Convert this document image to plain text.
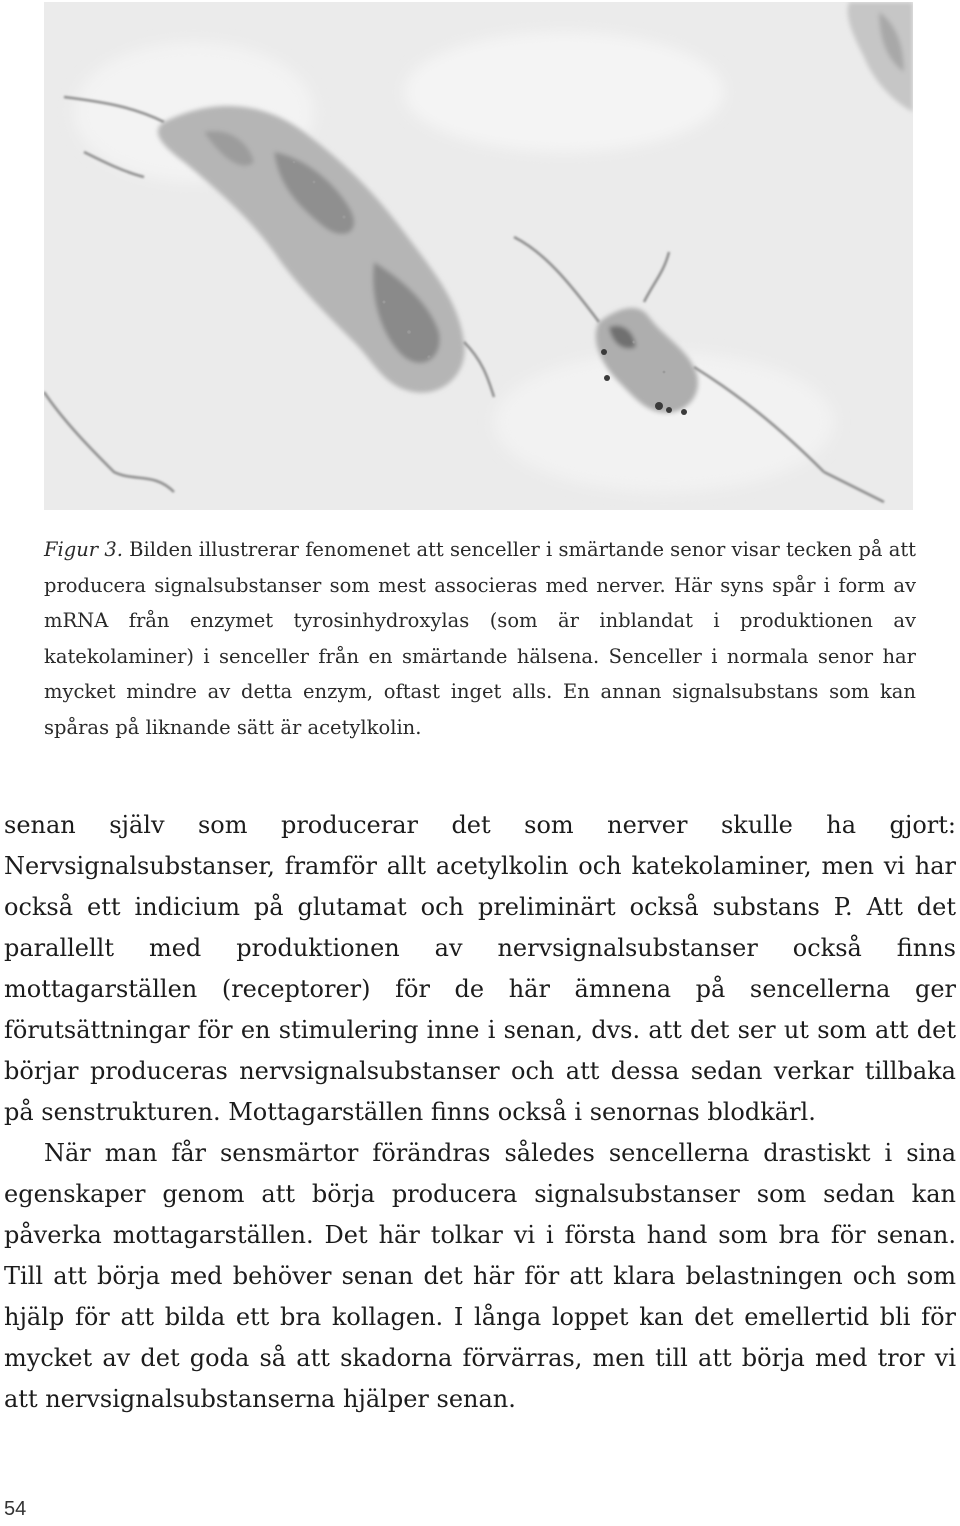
Figur 3. Bilden illustrerar fenomenet att senceller i smärtande senor visar tecken på att producera signalsubstanser som mest associeras med nerver. Här syns spår i form av mRNA från enzymet tyrosinhydroxylas (som är inblandat i produktionen av katekolaminer) i senceller från en smärtande hälsena. Senceller i normala senor har mycket mindre av detta enzym, oftast inget alls. En annan signalsubstans som kan spåras på liknande sätt är acetylkolin.

senan själv som producerar det som nerver skulle ha gjort: Nervsignalsubstanser, framför allt acetylkolin och katekolaminer, men vi har också ett indicium på glutamat och preliminärt också substans P. Att det parallellt med produktionen av nervsignalsubstanser också finns mottagarställen (receptorer) för de här ämnena på sencellerna ger förutsättningar för en stimulering inne i senan, dvs. att det ser ut som att det börjar produceras nervsignalsubstanser och att dessa sedan verkar tillbaka på senstrukturen. Mottagarställen finns också i senornas blodkärl.

När man får sensmärtor förändras således sencellerna drastiskt i sina egenskaper genom att börja producera signalsubstanser som sedan kan påverka mottagarställen. Det här tolkar vi i första hand som bra för senan. Till att börja med behöver senan det här för att klara belastningen och som hjälp för att bilda ett bra kollagen. I långa loppet kan det emellertid bli för mycket av det goda så att skadorna förvärras, men till att börja med tror vi att nervsignalsubstanserna hjälper senan.

54
